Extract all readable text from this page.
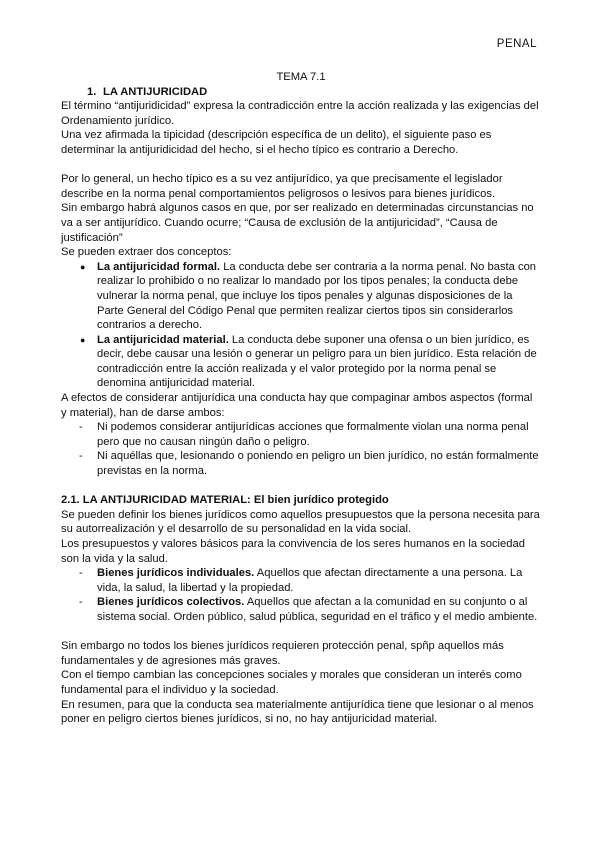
PENAL

TEMA 7.1

1. LA ANTIJURICIDAD

El término “antijuridicidad” expresa la contradicción entre la acción realizada y las exigencias del Ordenamiento jurídico.

Una vez afirmada la tipicidad (descripción específica de un delito), el siguiente paso es determinar la antijuridicidad del hecho, si el hecho típico es contrario a Derecho.

Por lo general, un hecho típico es a su vez antijurídico, ya que precisamente el legislador describe en la norma penal comportamientos peligrosos o lesivos para bienes jurídicos.

Sin embargo habrá algunos casos en que, por ser realizado en determinadas circunstancias no va a ser antijurídico. Cuando ocurre; “Causa de exclusión de la antijuricidad”, “Causa de justificación”

Se pueden extraer dos conceptos:

● La antijuricidad formal. La conducta debe ser contraria a la norma penal. No basta con realizar lo prohibido o no realizar lo mandado por los tipos penales; la conducta debe vulnerar la norma penal, que incluye los tipos penales y algunas disposiciones de la Parte General del Código Penal que permiten realizar ciertos tipos sin considerarlos contrarios a derecho.
● La antijuricidad material. La conducta debe suponer una ofensa o un bien jurídico, es decir, debe causar una lesión o generar un peligro para un bien jurídico. Esta relación de contradicción entre la acción realizada y el valor protegido por la norma penal se denomina antijuricidad material.

A efectos de considerar antijurídica una conducta hay que compaginar ambos aspectos (formal y material), han de darse ambos:

- Ni podemos considerar antijurídicas acciones que formalmente violan una norma penal pero que no causan ningún daño o peligro.
- Ni aquéllas que, lesionando o poniendo en peligro un bien jurídico, no están formalmente previstas en la norma.

2.1. LA ANTIJURICIDAD MATERIAL: El bien jurídico protegido

Se pueden definir los bienes jurídicos como aquellos presupuestos que la persona necesita para su autorrealización y el desarrollo de su personalidad en la vida social.

Los presupuestos y valores básicos para la convivencia de los seres humanos en la sociedad son la vida y la salud.

- Bienes jurídicos individuales. Aquellos que afectan directamente a una persona. La vida, la salud, la libertad y la propiedad.
- Bienes jurídicos colectivos. Aquellos que afectan a la comunidad en su conjunto o al sistema social. Orden público, salud pública, seguridad en el tráfico y el medio ambiente.

Sin embargo no todos los bienes jurídicos requieren protección penal, spñp aquellos más fundamentales y de agresiones más graves.

Con el tiempo cambian las concepciones sociales y morales que consideran un interés como fundamental para el individuo y la sociedad.

En resumen, para que la conducta sea materialmente antijurídica tiene que lesionar o al menos poner en peligro ciertos bienes jurídicos, si no, no hay antijuricidad material.
